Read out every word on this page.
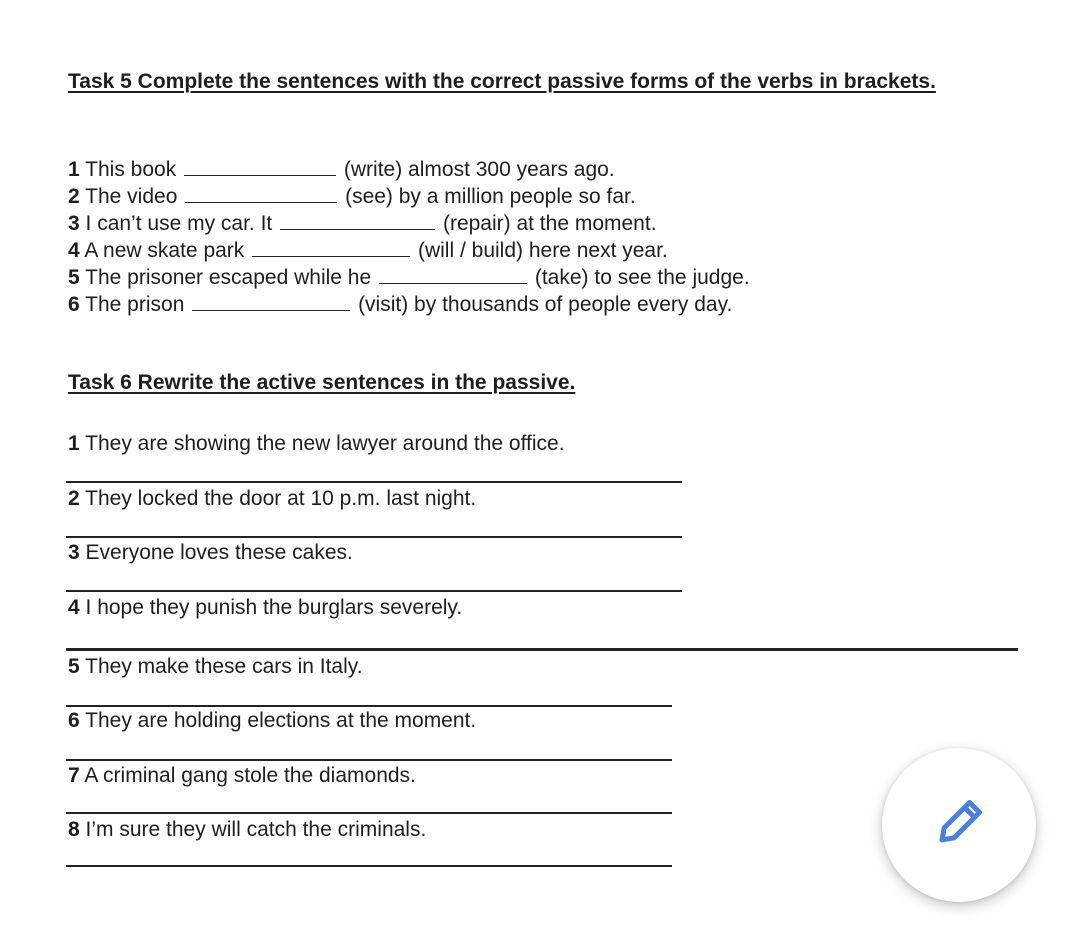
Task 5 Complete the sentences with the correct passive forms of the verbs in brackets.
1 This book	(write) almost 300 years ago.
2 The video	(see) by a million people so far.
3 I can’t use my car. It	(repair) at the moment.
4 A new skate park	(will / build) here next year.
5 The prisoner escaped while he	(take) to see the judge.
6 The prison	(visit) by thousands of people every day.
Task 6 Rewrite the active sentences in the passive.
1 They are showing the new lawyer around the office.
2 They locked the door at 10 p.m. last night.
3 Everyone loves these cakes.
4 I hope they punish the burglars severely.
5 They make these cars in Italy.
6 They are holding elections at the moment.
7 A criminal gang stole the diamonds.
8 I’m sure they will catch the criminals.
